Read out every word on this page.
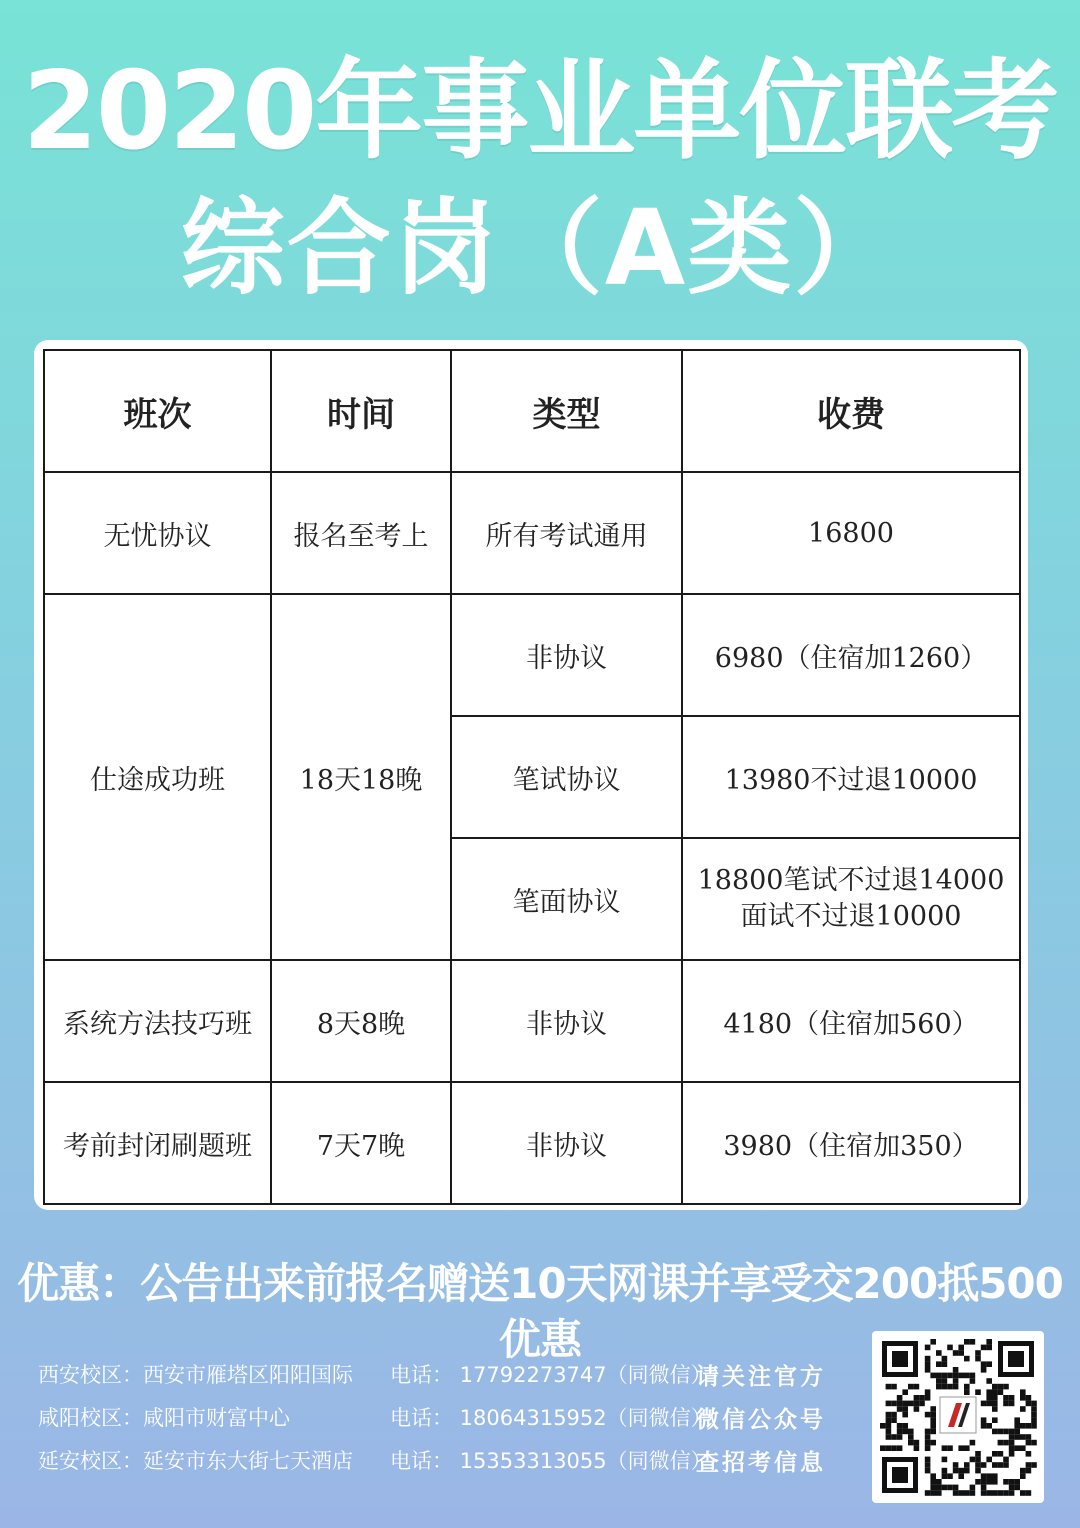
2020年事业单位联考
综合岗（A类）
班次	时间	类型	收费
无忧协议	报名至考上	所有考试通用	16800
仕途成功班	18天18晚	非协议	6980（住宿加1260）
		笔试协议	13980不过退10000
		笔面协议	18800笔试不过退14000
面试不过退10000

系统方法技巧班	8天8晚	非协议	4180（住宿加560）
考前封闭刷题班	7天7晚	非协议	3980（住宿加350）
优惠：公告出来前报名赠送10天网课并享受交200抵500优惠
西安校区：西安市雁塔区阳阳国际
咸阳校区：咸阳市财富中心
延安校区：延安市东大街七天酒店
电话： 17792273747（同微信）
电话： 18064315952（同微信）
电话： 15353313055（同微信）
请关注官方
微信公众号
查招考信息
